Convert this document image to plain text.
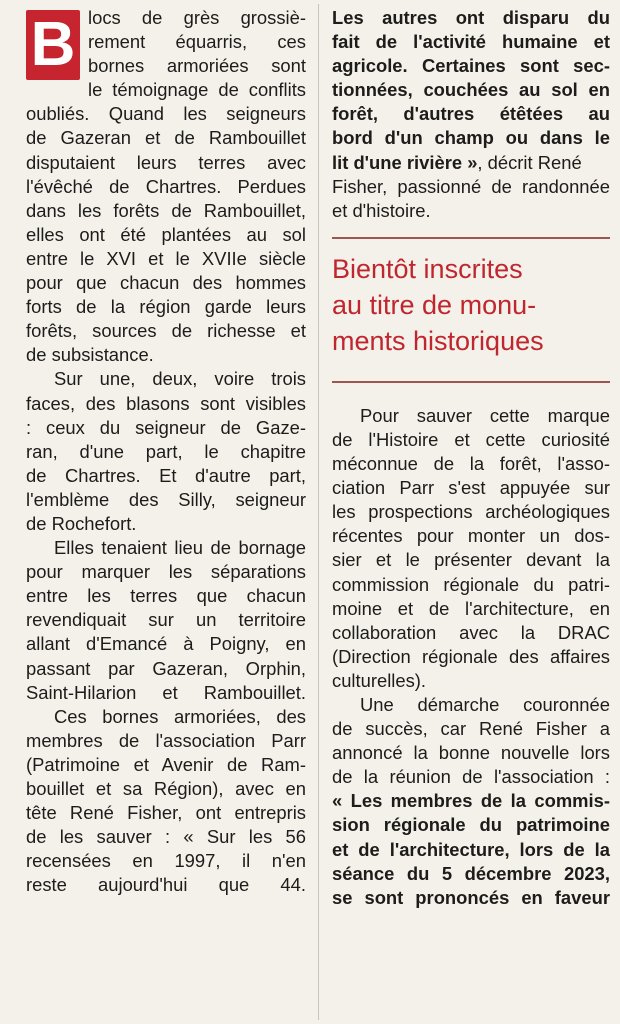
B locs de grès grossiè-
rement équarris, ces
bornes armoriées sont
le témoignage de conflits
oubliés. Quand les seigneurs
de Gazeran et de Rambouillet
disputaient leurs terres avec
l'évêché de Chartres. Perdues
dans les forêts de Rambouillet,
elles ont été plantées au sol
entre le XVI et le XVIIe siècle
pour que chacun des hommes
forts de la région garde leurs
forêts, sources de richesse et
de subsistance.

Sur une, deux, voire trois
faces, des blasons sont visibles
: ceux du seigneur de Gaze-
ran, d'une part, le chapitre
de Chartres. Et d'autre part,
l'emblème des Silly, seigneur
de Rochefort.

Elles tenaient lieu de bornage
pour marquer les séparations
entre les terres que chacun
revendiquait sur un territoire
allant d'Emancé à Poigny, en
passant par Gazeran, Orphin,
Saint-Hilarion et Rambouillet.

Ces bornes armoriées, des
membres de l'association Parr
(Patrimoine et Avenir de Ram-
bouillet et sa Région), avec en
tête René Fisher, ont entrepris
de les sauver : « Sur les 56
recensées en 1997, il n'en
reste aujourd'hui que 44.

Les autres ont disparu du
fait de l'activité humaine et
agricole. Certaines sont sec-
tionnées, couchées au sol en
forêt, d'autres étêtées au
bord d'un champ ou dans le

lit d'une rivière », décrit René

Fisher, passionné de randonnée
et d'histoire.

Bientôt inscrites
au titre de monu-
ments historiques

Pour sauver cette marque
de l'Histoire et cette curiosité
méconnue de la forêt, l'asso-
ciation Parr s'est appuyée sur
les prospections archéologiques
récentes pour monter un dos-
sier et le présenter devant la
commission régionale du patri-
moine et de l'architecture, en
collaboration avec la DRAC
(Direction régionale des affaires
culturelles).

Une démarche couronnée
de succès, car René Fisher a
annoncé la bonne nouvelle lors
de la réunion de l'association :

« Les membres de la commis-
sion régionale du patrimoine
et de l'architecture, lors de la
séance du 5 décembre 2023,
se sont prononcés en faveur
